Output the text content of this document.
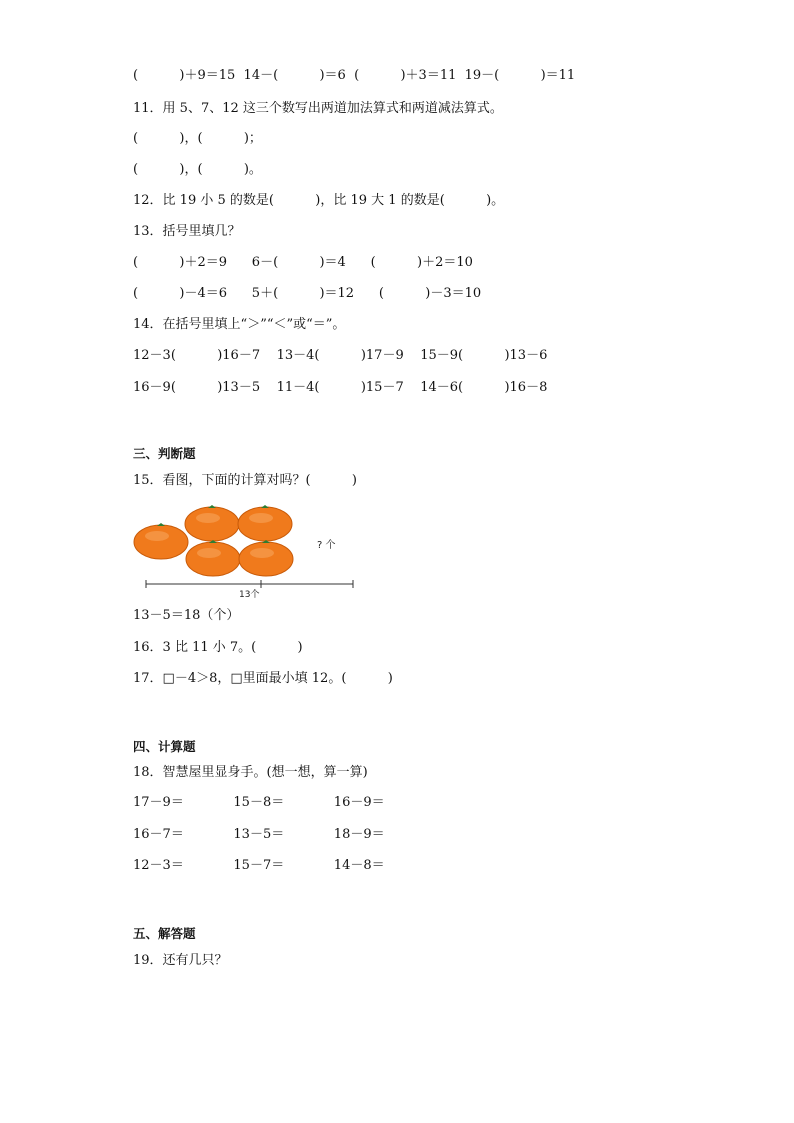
(          )＋9＝15  14－(          )＝6  (          )＋3＝11  19－(          )＝11
11．用 5、7、12 这三个数写出两道加法算式和两道减法算式。
(          )，(          )；
(          )，(          )。
12．比 19 小 5 的数是(          )，比 19 大 1 的数是(          )。
13．括号里填几？
(          )＋2＝9      6－(          )＝4      (          )＋2＝10
(          )－4＝6      5＋(          )＝12      (          )－3＝10
14．在括号里填上“＞”“＜”或“＝”。
12－3(          )16－7    13－4(          )17－9    15－9(          )13－6
16－9(          )13－5    11－4(          )15－7    14－6(          )16－8
三、判断题
15．看图，下面的计算对吗？(          )
? 个
13个
13－5＝18（个）
16．3 比 11 小 7。(          )
17．□－4＞8，□里面最小填 12。(          )
四、计算题
18．智慧屋里显身手。(想一想，算一算)
17－9＝            15－8＝            16－9＝
16－7＝            13－5＝            18－9＝
12－3＝            15－7＝            14－8＝
五、解答题
19．还有几只？
